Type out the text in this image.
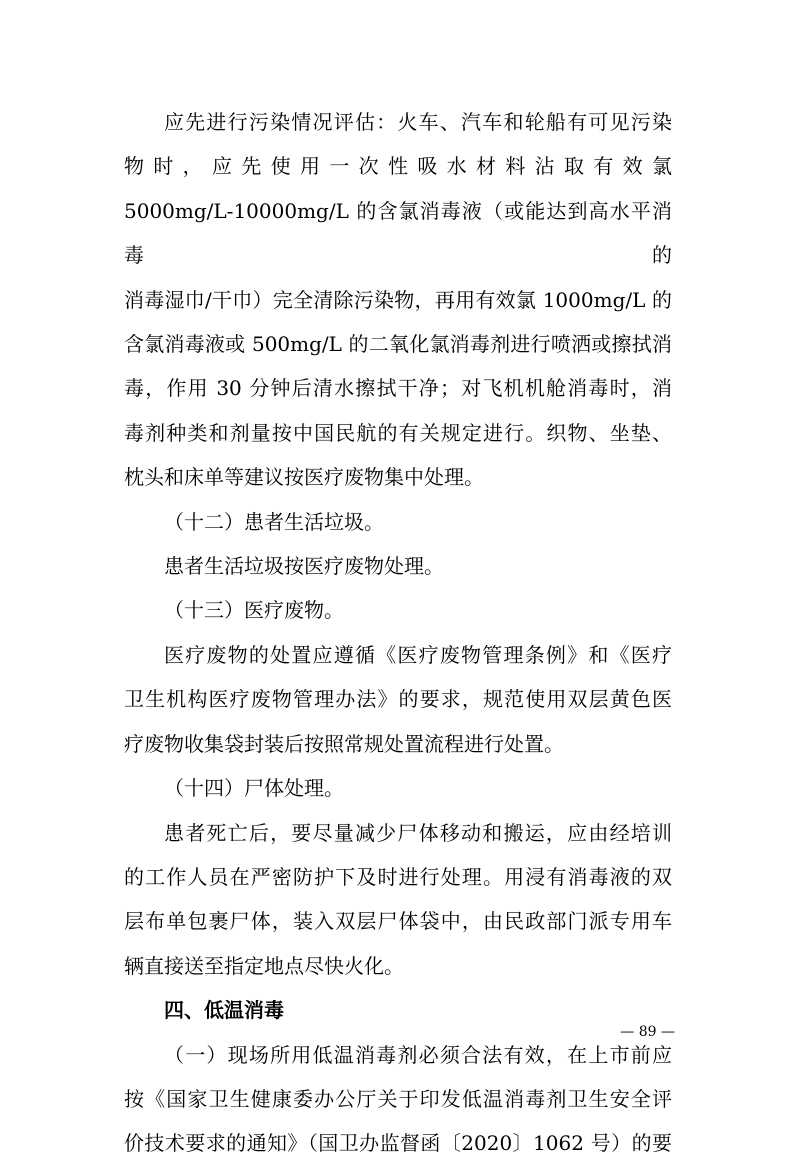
应先进行污染情况评估：火车、汽车和轮船有可见污染
物时，应先使用一次性吸水材料沾取有效氯
5000mg/L-10000mg/L 的含氯消毒液（或能达到高水平消毒的
消毒湿巾/干巾）完全清除污染物，再用有效氯 1000mg/L 的
含氯消毒液或 500mg/L 的二氧化氯消毒剂进行喷洒或擦拭消
毒，作用 30 分钟后清水擦拭干净；对飞机机舱消毒时，消
毒剂种类和剂量按中国民航的有关规定进行。织物、坐垫、
枕头和床单等建议按医疗废物集中处理。

（十二）患者生活垃圾。

患者生活垃圾按医疗废物处理。

（十三）医疗废物。

医疗废物的处置应遵循《医疗废物管理条例》和《医疗
卫生机构医疗废物管理办法》的要求，规范使用双层黄色医
疗废物收集袋封装后按照常规处置流程进行处置。

（十四）尸体处理。

患者死亡后，要尽量减少尸体移动和搬运，应由经培训
的工作人员在严密防护下及时进行处理。用浸有消毒液的双
层布单包裹尸体，装入双层尸体袋中，由民政部门派专用车
辆直接送至指定地点尽快火化。

四、低温消毒

（一）现场所用低温消毒剂必须合法有效，在上市前应
按《国家卫生健康委办公厅关于印发低温消毒剂卫生安全评
价技术要求的通知》（国卫办监督函〔2020〕1062 号）的要

— 89 —
